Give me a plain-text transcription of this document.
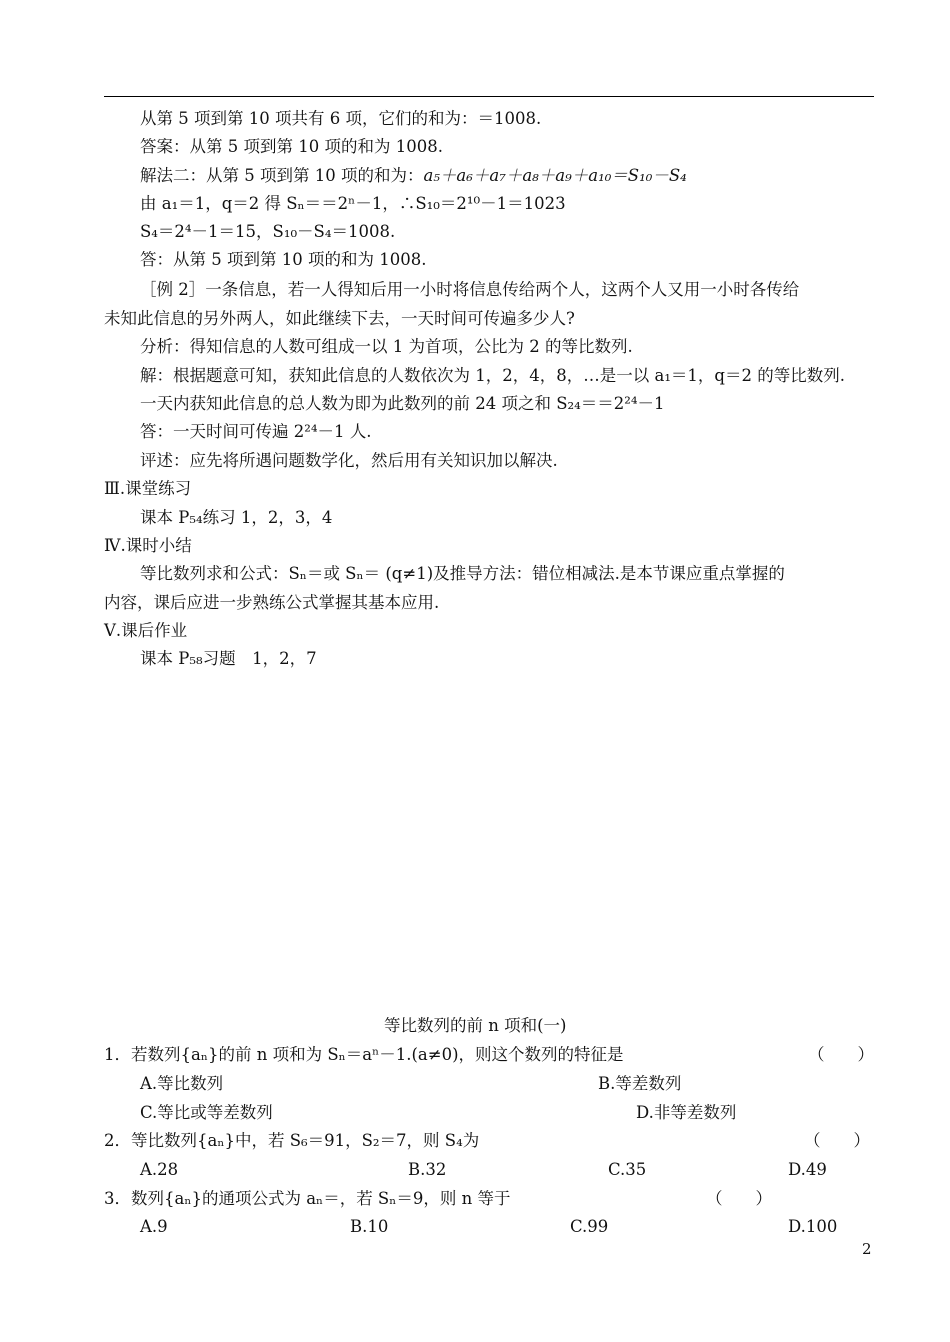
从第 5 项到第 10 项共有 6 项，它们的和为：＝1008.
答案：从第 5 项到第 10 项的和为 1008.
解法二：从第 5 项到第 10 项的和为：a₅＋a₆＋a₇＋a₈＋a₉＋a₁₀＝S₁₀－S₄
由 a₁＝1，q＝2 得 Sₙ＝＝2ⁿ－1，∴S₁₀＝2¹⁰－1＝1023
S₄＝2⁴－1＝15，S₁₀－S₄＝1008.
答：从第 5 项到第 10 项的和为 1008.
［例 2］一条信息，若一人得知后用一小时将信息传给两个人，这两个人又用一小时各传给
未知此信息的另外两人，如此继续下去，一天时间可传遍多少人?
分析：得知信息的人数可组成一以 1 为首项，公比为 2 的等比数列.
解：根据题意可知，获知此信息的人数依次为 1，2，4，8，…是一以 a₁＝1，q＝2 的等比数列.
一天内获知此信息的总人数为即为此数列的前 24 项之和 S₂₄＝＝2²⁴－1
答：一天时间可传遍 2²⁴－1 人.
评述：应先将所遇问题数学化，然后用有关知识加以解决.
Ⅲ.课堂练习
课本 P₅₄练习 1，2，3，4
Ⅳ.课时小结
等比数列求和公式：Sₙ＝或 Sₙ＝ (q≠1)及推导方法：错位相减法.是本节课应重点掌握的
内容，课后应进一步熟练公式掌握其基本应用.
Ⅴ.课后作业
课本 P₅₈习题　1，2，7
等比数列的前 n 项和(一)
1．若数列{aₙ}的前 n 项和为 Sₙ＝aⁿ－1.(a≠0)，则这个数列的特征是	（　　）
A.等比数列	B.等差数列
C.等比或等差数列	D.非等差数列
2．等比数列{aₙ}中，若 S₆＝91，S₂＝7，则 S₄为	（　　）
A.28	B.32	C.35	D.49
3．数列{aₙ}的通项公式为 aₙ＝，若 Sₙ＝9，则 n 等于	（　　）
A.9	B.10	C.99	D.100
2
